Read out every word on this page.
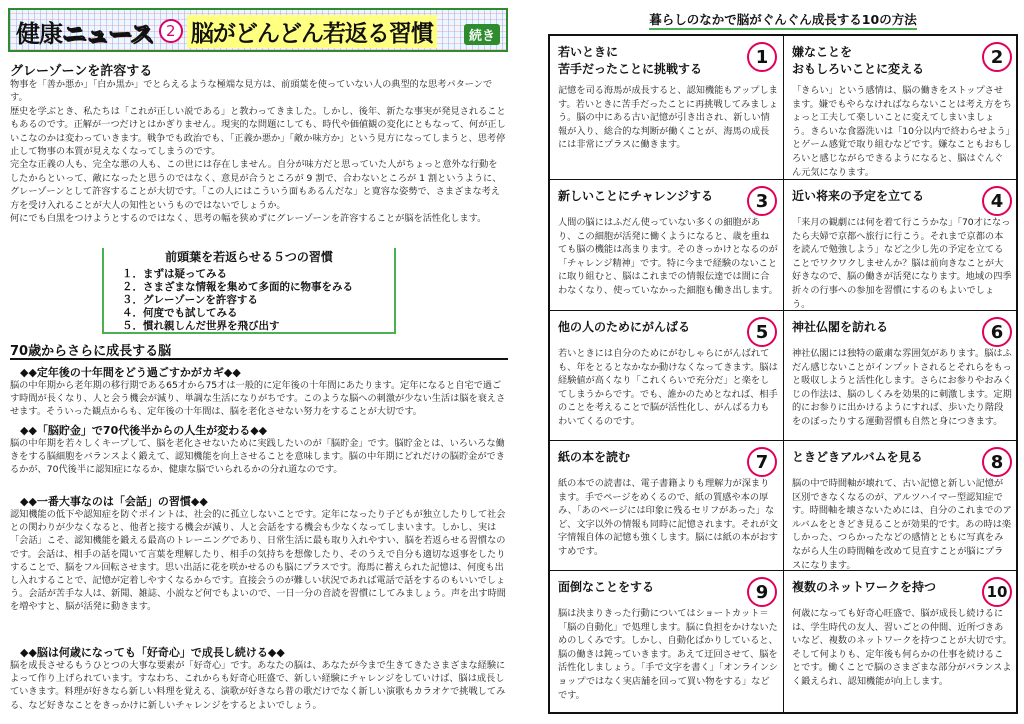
健康ニュース 2 脳がどんどん若返る習慣	続き
グレーゾーンを許容する

物事を「善か悪か」「白か黒か」でとらえるような極端な見方は、前頭葉を使っていない人の典型的な思考パターンです。

歴史を学ぶとき、私たちは「これが正しい説である」と教わってきました。しかし、後年、新たな事実が発見されることもあるのです。正解が一つだけとはかぎりません。現実的な問題にしても、時代や価値観の変化にともなって、何が正しいこなのかは変わっていきます。戦争でも政治でも、「正義か悪か」「敵か味方か」という見方になってしまうと、思考停止して物事の本質が見えなくなってしまうのです。

完全な正義の人も、完全な悪の人も、この世には存在しません。自分が味方だと思っていた人がちょっと意外な行動をしたからといって、敵になったと思うのではなく、意見が合うところが 9 割で、合わないところが 1 割というように、グレーゾーンとして許容することが大切です。「この人にはこういう面もあるんだな」と寛容な姿勢で、さまざまな考え方を受け入れることが大人の知性というものではないでしょうか。

何にでも白黒をつけようとするのではなく、思考の幅を狭めずにグレーゾーンを許容することが脳を活性化します。

前頭葉を若返らせる５つの習慣
１．まずは疑ってみる
２．さまざまな情報を集めて多面的に物事をみる
３．グレーゾーンを許容する
４．何度でも試してみる
５．慣れ親しんだ世界を飛び出す
70歳からさらに成長する脳
◆◆定年後の十年間をどう過ごすかがカギ◆◆
脳の中年期から老年期の移行期である65才から75才は一般的に定年後の十年間にあたります。定年になると自宅で過ごす時間が長くなり、人と会う機会が減り、単調な生活になりがちです。このような脳への刺激が少ない生活は脳を衰えさせます。そういった観点からも、定年後の十年間は、脳を老化させない努力をすることが大切です。
◆◆「脳貯金」で70代後半からの人生が変わる◆◆
脳の中年期を若々しくキープして、脳を老化させないために実践したいのが「脳貯金」です。脳貯金とは、いろいろな働きをする脳細胞をバランスよく鍛えて、認知機能を向上させることを意味します。脳の中年期にどれだけの脳貯金ができるかが、70代後半に認知症になるか、健康な脳でいられるかの分れ道なのです。
◆◆一番大事なのは「会話」の習慣◆◆
認知機能の低下や認知症を防ぐポイントは、社会的に孤立しないことです。定年になったり子どもが独立したりして社会との関わりが少なくなると、他者と接する機会が減り、人と会話をする機会も少なくなってしまいます。しかし、実は「会話」こそ、認知機能を鍛える最高のトレーニングであり、日常生活に最も取り入れやすい、脳を若返らせる習慣なのです。会話は、相手の話を聞いて言葉を理解したり、相手の気持ちを想像したり、そのうえで自分も適切な返事をしたりすることで、脳をフル回転させます。思い出話に花を咲かせるのも脳にプラスです。海馬に蓄えられた記憶は、何度も出し入れすることで、記憶が定着しやすくなるからです。直接会うのが難しい状況であれば電話で話をするのもいいでしょう。会話が苦手な人は、新聞、雑誌、小説など何でもよいので、一日一分の音読を習慣にしてみましょう。声を出す時間を増やすと、脳が活発に動きます。
◆◆脳は何歳になっても「好奇心」で成長し続ける◆◆
脳を成長させるもうひとつの大事な要素が「好奇心」です。あなたの脳は、あなたが今まで生きてきたさまざまな経験によって作り上げられています。すなわち、これからも好奇心旺盛で、新しい経験にチャレンジをしていけば、脳は成長していきます。料理が好きなら新しい料理を覚える、演歌が好きなら普の歌だけでなく新しい演歌もカラオケで挑戦してみる、など好きなことをきっかけに新しいチャレンジをするとよいでしょう。
暮らしのなかで脳がぐんぐん成長する10の方法
若いときに
苦手だったことに挑戦する
1
記憶を司る海馬が成長すると、認知機能もアップします。若いときに苦手だったことに再挑戦してみましょう。脳の中にある古い記憶が引き出され、新しい情報が入り、総合的な判断が働くことが、海馬の成長には非常にプラスに働きます。
嫌なことを
おもしろいことに変える
2
「きらい」という感情は、脳の働きをストップさせます。嫌でもやらなければならないことは考え方をちょっと工夫して楽しいことに変えてしまいましょう。きらいな食器洗いは「10分以内で終わらせよう」とゲーム感覚で取り組むなどです。嫌なこともおもしろいと感じながらできるようになると、脳はぐんぐん元気になります。
新しいことにチャレンジする	3
人間の脳にはふだん使っていない多くの細胞があり、この細胞が活発に働くようになると、歳を重ねても脳の機能は高まります。そのきっかけとなるのが「チャレンジ精神」です。特に今まで経験のないことに取り組むと、脳はこれまでの情報伝達では間に合わなくなり、使っていなかった細胞も働き出します。
近い将来の予定を立てる	4
「来月の観劇には何を着て行こうかな」「70才になったら夫婦で京都へ旅行に行こう。それまで京都の本を読んで勉強しよう」など之少し先の予定を立てることでワクワクしませんか？脳は前向きなことが大好きなので、脳の働きが活発になります。地域の四季折々の行事への参加を習慣にするのもよいでしょう。
他の人のためにがんばる	5
若いときには自分のためにがむしゃらにがんばれても、年をとるとなかなか動けなくなってきます。脳は経験値が高くなり「これくらいで充分だ」と楽をしてしまうからです。でも、誰かのためとなれば、相手のことを考えることで脳が活性化し、がんばる力もわいてくるのです。
神社仏閣を訪れる	6
神社仏閣には独特の厳粛な雰囲気があります。脳はふだん感じないことがインプットされるとそれらをもっと吸収しようと活性化します。さらにお参りやおみくじの作法は、脳のしくみを効果的に刺激します。定期的にお参りに出かけるようにすれば、歩いたり階段をのぼったりする運動習慣も自然と身につきます。
紙の本を読む	7
紙の本での読書は、電子書籍よりも理解力が深まります。手でページをめくるので、紙の質感や本の厚み、「あのページには印象に残るセリフがあった」など、文字以外の情報も同時に記憶されます。それが文字情報自体の記憶も強くします。脳には紙の本がおすすめです。
ときどきアルバムを見る	8
脳の中で時間軸が壊れて、古い記憶と新しい記憶が区別できなくなるのが、アルツハイマー型認知症です。時間軸を壊さないためには、自分のこれまでのアルバムをときどき見ることが効果的です。あの時は楽しかった、つらかったなどの感情とともに写真をみながら人生の時間軸を改めて見直すことが脳にプラスになります。
面倒なことをする	9
脳は決まりきった行動についてはショートカット＝「脳の自動化」で処理します。脳に負担をかけないためのしくみです。しかし、自動化ばかりしていると、脳の働きは鈍っていきます。あえて迂回させて、脳を活性化しましょう。「手で文字を書く」「オンラインショップではなく実店舗を回って買い物をする」などです。
複数のネットワークを持つ	10
何歳になっても好奇心旺盛で、脳が成長し続けるには、学生時代の友人、習いごとの仲間、近所づきあいなど、複数のネットワークを持つことが大切です。そして何よりも、定年後も何らかの仕事を続けることです。働くことで脳のさまざまな部分がバランスよく鍛えられ、認知機能が向上します。
